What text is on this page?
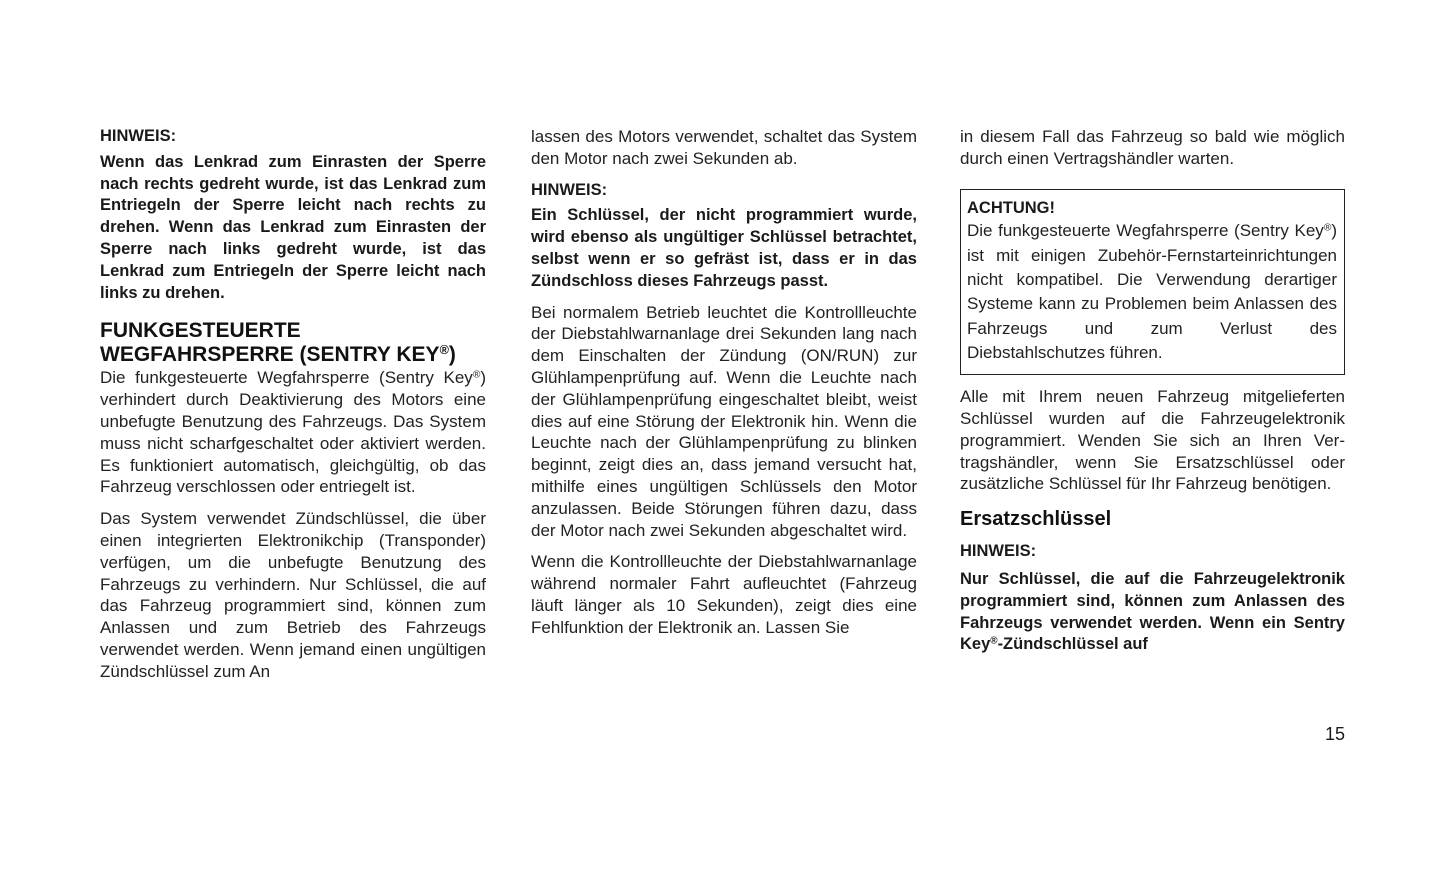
HINWEIS:

Wenn das Lenkrad zum Einrasten der Sperre nach rechts gedreht wurde, ist das Lenkrad zum Entriegeln der Sperre leicht nach rechts zu drehen. Wenn das Lenkrad zum Einrasten der Sperre nach links gedreht wurde, ist das Lenkrad zum Entriegeln der Sperre leicht nach links zu drehen.

FUNKGESTEUERTE
WEGFAHRSPERRE (SENTRY KEY®)

Die funkgesteuerte Wegfahrsperre (Sentry Key®) verhindert durch Deaktivierung des Motors eine unbefugte Benutzung des Fahrzeugs. Das System muss nicht scharfgeschaltet oder aktiviert werden. Es funktioniert automatisch, gleichgültig, ob das Fahrzeug verschlossen oder entriegelt ist.

Das System verwendet Zündschlüssel, die über einen integrierten Elektronikchip (Transponder) verfügen, um die unbefugte Benutzung des Fahrzeugs zu verhindern. Nur Schlüssel, die auf das Fahrzeug programmiert sind, können zum Anlassen und zum Betrieb des Fahrzeugs verwendet werden. Wenn jemand einen ungültigen Zündschlüssel zum An

lassen des Motors verwendet, schaltet das System den Motor nach zwei Sekunden ab.

HINWEIS:

Ein Schlüssel, der nicht programmiert wurde, wird ebenso als ungültiger Schlüssel betrachtet, selbst wenn er so gefräst ist, dass er in das Zündschloss dieses Fahrzeugs passt.

Bei normalem Betrieb leuchtet die Kontrollleuchte der Diebstahlwarnanlage drei Sekunden lang nach dem Einschalten der Zündung (ON/RUN) zur Glühlampenprüfung auf. Wenn die Leuchte nach der Glühlampenprüfung eingeschaltet bleibt, weist dies auf eine Störung der Elektronik hin. Wenn die Leuchte nach der Glühlampenprüfung zu blinken beginnt, zeigt dies an, dass jemand versucht hat, mithilfe eines ungültigen Schlüssels den Motor anzulassen. Beide Störungen führen dazu, dass der Motor nach zwei Sekunden abgeschaltet wird.

Wenn die Kontrollleuchte der Diebstahlwarnanlage während normaler Fahrt aufleuchtet (Fahrzeug läuft länger als 10 Sekunden), zeigt dies eine Fehlfunktion der Elektronik an. Lassen Sie

in diesem Fall das Fahrzeug so bald wie möglich durch einen Vertragshändler warten.

ACHTUNG!

Die funkgesteuerte Wegfahrsperre (Sentry Key®) ist mit einigen Zubehör-Fernstarteinrichtungen nicht kompatibel. Die Verwendung derartiger Systeme kann zu Problemen beim Anlassen des Fahrzeugs und zum Verlust des Diebstahlschutzes führen.

Alle mit Ihrem neuen Fahrzeug mitgelieferten Schlüssel wurden auf die Fahrzeugelektronik programmiert. Wenden Sie sich an Ihren Vertragshändler, wenn Sie Ersatzschlüssel oder zusätzliche Schlüssel für Ihr Fahrzeug benötigen.

Ersatzschlüssel

HINWEIS:

Nur Schlüssel, die auf die Fahrzeugelektronik programmiert sind, können zum Anlassen des Fahrzeugs verwendet werden. Wenn ein Sentry Key®-Zündschlüssel auf

15
